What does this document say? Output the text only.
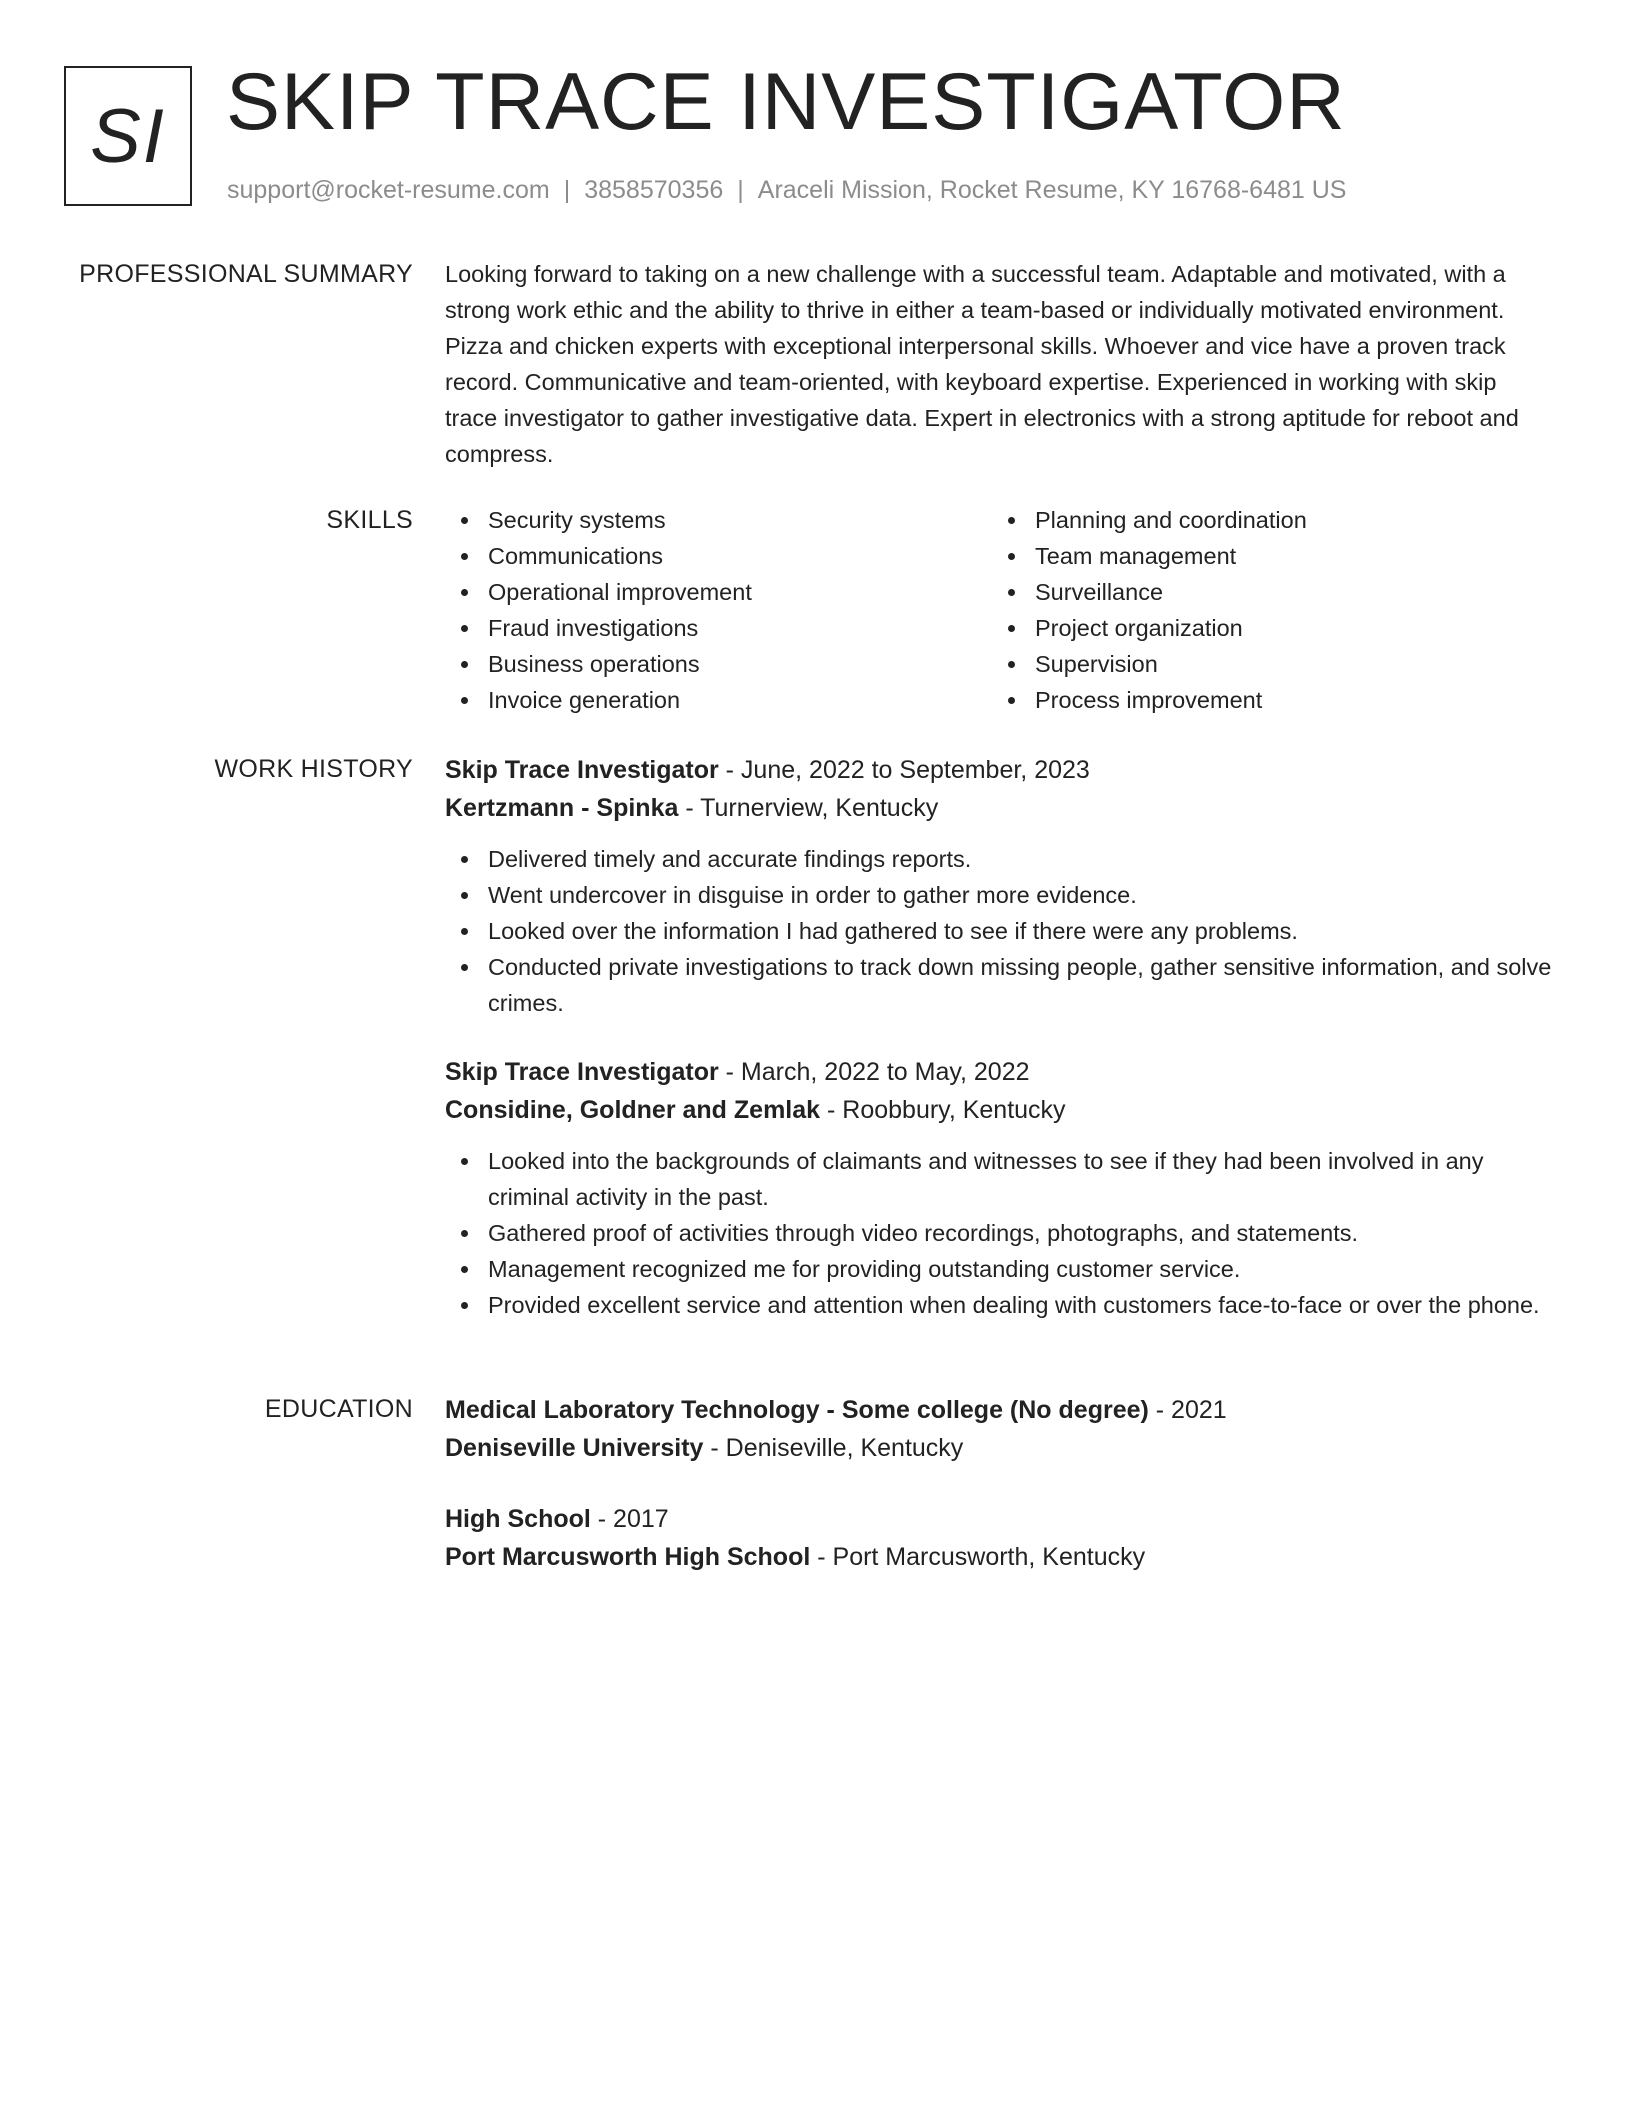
SI SKIP TRACE INVESTIGATOR
support@rocket-resume.com | 3858570356 | Araceli Mission, Rocket Resume, KY 16768-6481 US
PROFESSIONAL SUMMARY Looking forward to taking on a new challenge with a successful team. Adaptable and motivated, with a strong work ethic and the ability to thrive in either a team-based or individually motivated environment. Pizza and chicken experts with exceptional interpersonal skills. Whoever and vice have a proven track record. Communicative and team-oriented, with keyboard expertise. Experienced in working with skip trace investigator to gather investigative data. Expert in electronics with a strong aptitude for reboot and compress.

SKILLS	Security systems
Communications
Operational improvement
Fraud investigations
Business operations
Invoice generation
Planning and coordination
Team management
Surveillance
Project organization
Supervision
Process improvement
WORK HISTORY Skip Trace Investigator - June, 2022 to September, 2023
Kertzmann - Spinka - Turnerview, Kentucky
Delivered timely and accurate findings reports.
Went undercover in disguise in order to gather more evidence.
Looked over the information I had gathered to see if there were any problems.
Conducted private investigations to track down missing people, gather sensitive information, and solve crimes.
Skip Trace Investigator - March, 2022 to May, 2022
Considine, Goldner and Zemlak - Roobbury, Kentucky
Looked into the backgrounds of claimants and witnesses to see if they had been involved in any criminal activity in the past.
Gathered proof of activities through video recordings, photographs, and statements.
Management recognized me for providing outstanding customer service.
Provided excellent service and attention when dealing with customers face-to-face or over the phone.
EDUCATION Medical Laboratory Technology - Some college (No degree) - 2021
Deniseville University - Deniseville, Kentucky
High School - 2017
Port Marcusworth High School - Port Marcusworth, Kentucky
